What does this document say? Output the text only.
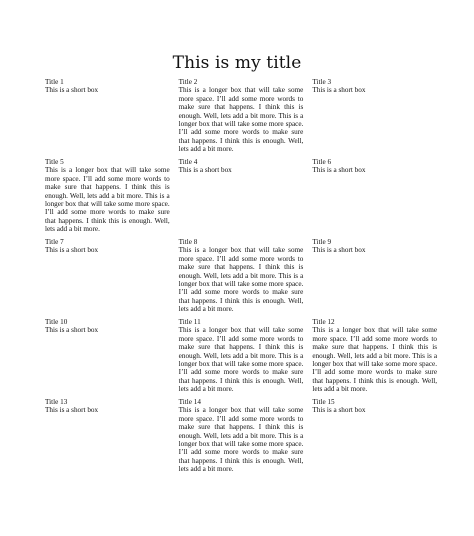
This is my title
Title 1
This is a short box
Title 2
This is a longer box that will take some more space. I’ll add some more words to make sure that happens. I think this is enough. Well, lets add a bit more. This is a longer box that will take some more space. I’ll add some more words to make sure that happens. I think this is enough. Well, lets add a bit more.
Title 3
This is a short box
Title 5
This is a longer box that will take some more space. I’ll add some more words to make sure that happens. I think this is enough. Well, lets add a bit more. This is a longer box that will take some more space. I’ll add some more words to make sure that happens. I think this is enough. Well, lets add a bit more.
Title 4
This is a short box
Title 6
This is a short box
Title 7
This is a short box
Title 8
This is a longer box that will take some more space. I’ll add some more words to make sure that happens. I think this is enough. Well, lets add a bit more. This is a longer box that will take some more space. I’ll add some more words to make sure that happens. I think this is enough. Well, lets add a bit more.
Title 9
This is a short box
Title 10
This is a short box
Title 11
This is a longer box that will take some more space. I’ll add some more words to make sure that happens. I think this is enough. Well, lets add a bit more. This is a longer box that will take some more space. I’ll add some more words to make sure that happens. I think this is enough. Well, lets add a bit more.
Title 12
This is a longer box that will take some more space. I’ll add some more words to make sure that happens. I think this is enough. Well, lets add a bit more. This is a longer box that will take some more space. I’ll add some more words to make sure that happens. I think this is enough. Well, lets add a bit more.
Title 13
This is a short box
Title 14
This is a longer box that will take some more space. I’ll add some more words to make sure that happens. I think this is enough. Well, lets add a bit more. This is a longer box that will take some more space. I’ll add some more words to make sure that happens. I think this is enough. Well, lets add a bit more.
Title 15
This is a short box
